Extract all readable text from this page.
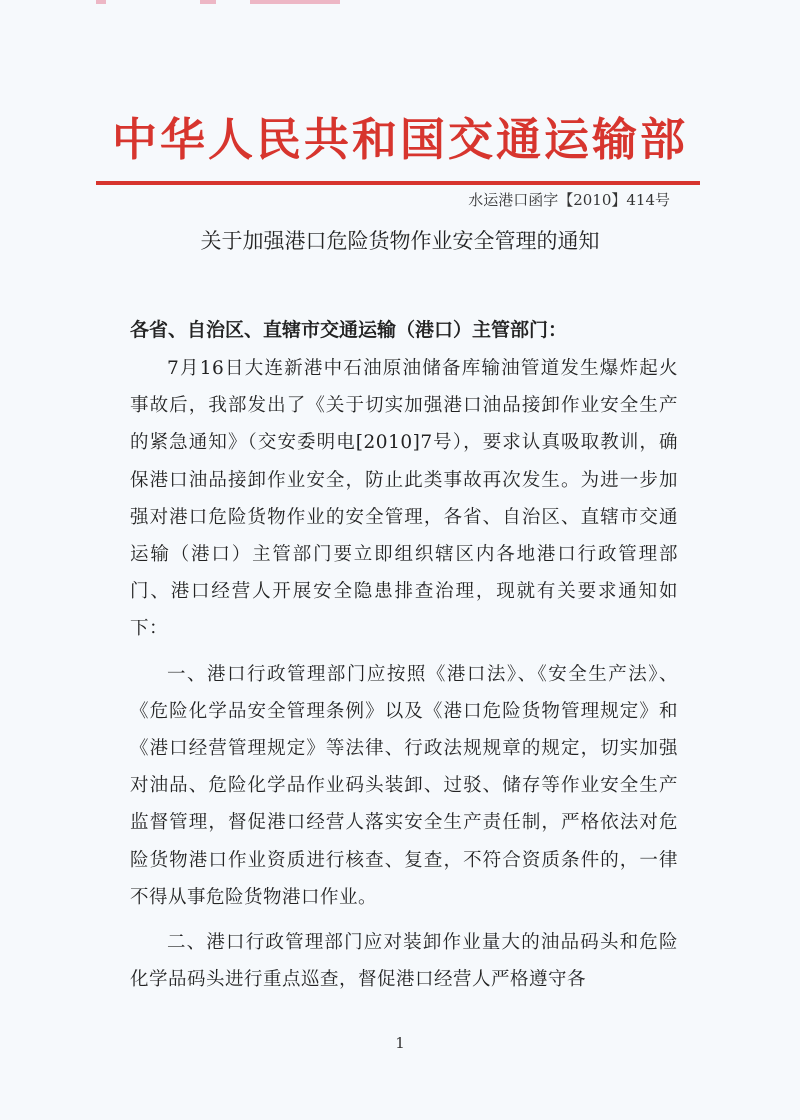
中华人民共和国交通运输部
水运港口函字【2010】414号
关于加强港口危险货物作业安全管理的通知
各省、自治区、直辖市交通运输（港口）主管部门：

7月16日大连新港中石油原油储备库输油管道发生爆炸起火事故后，我部发出了《关于切实加强港口油品接卸作业安全生产的紧急通知》（交安委明电[2010]7号），要求认真吸取教训，确保港口油品接卸作业安全，防止此类事故再次发生。为进一步加强对港口危险货物作业的安全管理，各省、自治区、直辖市交通运输（港口）主管部门要立即组织辖区内各地港口行政管理部门、港口经营人开展安全隐患排查治理，现就有关要求通知如下：

一、港口行政管理部门应按照《港口法》、《安全生产法》、《危险化学品安全管理条例》以及《港口危险货物管理规定》和《港口经营管理规定》等法律、行政法规规章的规定，切实加强对油品、危险化学品作业码头装卸、过驳、储存等作业安全生产监督管理，督促港口经营人落实安全生产责任制，严格依法对危险货物港口作业资质进行核查、复查，不符合资质条件的，一律不得从事危险货物港口作业。

二、港口行政管理部门应对装卸作业量大的油品码头和危险化学品码头进行重点巡查，督促港口经营人严格遵守各

1
